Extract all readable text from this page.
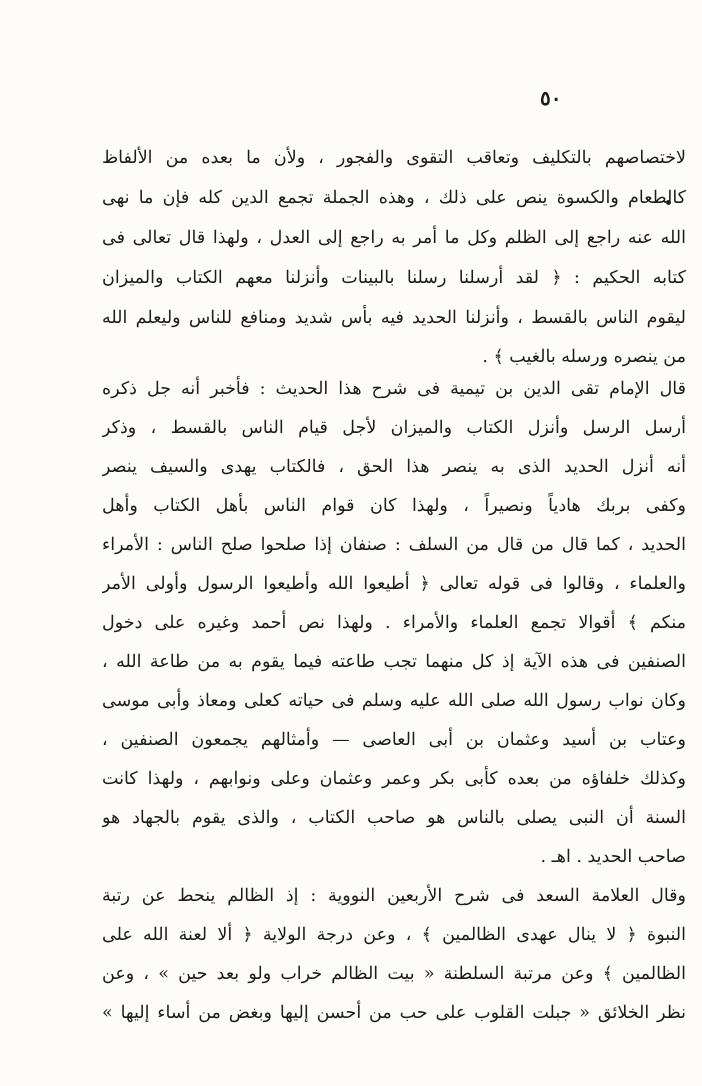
٥٠
لاختصاصهم بالتكليف وتعاقب التقوى والفجور ، ولأن ما بعده من الألفاظ
كالطعام والكسوة ينص على ذلك ، وهذه الجملة تجمع الدين كله فإن ما نهى
الله عنه راجع إلى الظلم وكل ما أمر به راجع إلى العدل ، ولهذا قال تعالى فى
كتابه الحكيم : ﴿ لقد أرسلنا رسلنا بالبينات وأنزلنا معهم الكتاب والميزان
ليقوم الناس بالقسط ، وأنزلنا الحديد فيه بأس شديد ومنافع للناس وليعلم الله
من ينصره ورسله بالغيب ﴾ .
قال الإمام تقى الدين بن تيمية فى شرح هذا الحديث : فأخبر أنه جل ذكره
أرسل الرسل وأنزل الكتاب والميزان لأجل قيام الناس بالقسط ، وذكر
أنه أنزل الحديد الذى به ينصر هذا الحق ، فالكتاب يهدى والسيف ينصر
وكفى بربك هادياً ونصيراً ، ولهذا كان قوام الناس بأهل الكتاب وأهل
الحديد ، كما قال من قال من السلف : صنفان إذا صلحوا صلح الناس : الأمراء
والعلماء ، وقالوا فى قوله تعالى ﴿ أطيعوا الله وأطيعوا الرسول وأولى الأمر
منكم ﴾ أقوالا تجمع العلماء والأمراء . ولهذا نص أحمد وغيره على دخول
الصنفين فى هذه الآية إذ كل منهما تجب طاعته فيما يقوم به من طاعة الله ،
وكان نواب رسول الله صلى الله عليه وسلم فى حياته كعلى ومعاذ وأبى موسى
وعتاب بن أسيد وعثمان بن أبى العاصى — وأمثالهم يجمعون الصنفين ،
وكذلك خلفاؤه من بعده كأبى بكر وعمر وعثمان وعلى ونوابهم ، ولهذا كانت
السنة أن النبى يصلى بالناس هو صاحب الكتاب ، والذى يقوم بالجهاد هو
صاحب الحديد . اهـ .
وقال العلامة السعد فى شرح الأربعين النووية : إذ الظالم ينحط عن رتبة
النبوة ﴿ لا ينال عهدى الظالمين ﴾ ، وعن درجة الولاية ﴿ ألا لعنة الله على
الظالمين ﴾ وعن مرتبة السلطنة « بيت الظالم خراب ولو بعد حين » ، وعن
نظر الخلائق « جبلت القلوب على حب من أحسن إليها وبغض من أساء إليها »
